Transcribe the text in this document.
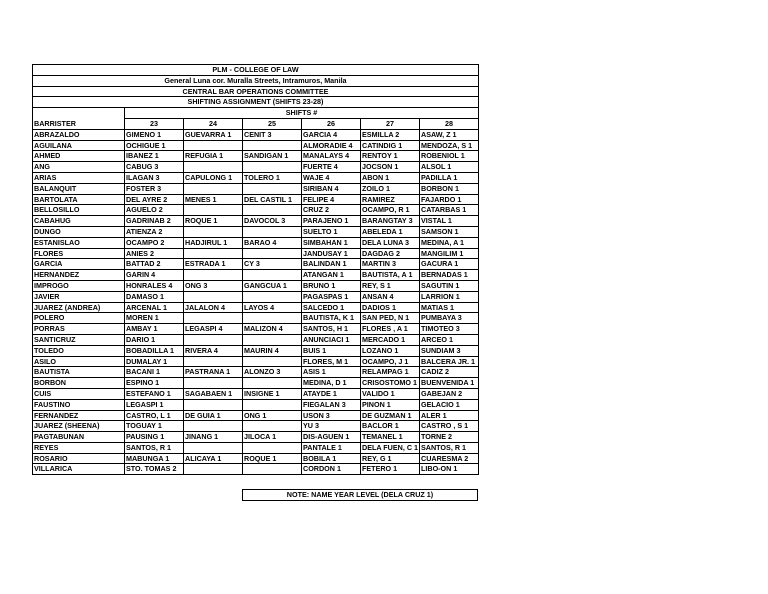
PLM - COLLEGE OF LAW						
General Luna cor. Muralla Streets, Intramuros, Manila						
CENTRAL BAR OPERATIONS COMMITTEE						
SHIFTING ASSIGNMENT (SHIFTS 23-28)						
	SHIFTS #					
BARRISTER	23	24	25	26	27	28
ABRAZALDO	GIMENO 1	GUEVARRA 1	CENIT 3	GARCIA 4	ESMILLA 2	ASAW, Z 1
AGUILANA	OCHIGUE 1			ALMORADIE 4	CATINDIG 1	MENDOZA, S 1
AHMED	IBANEZ 1	REFUGIA 1	SANDIGAN 1	MANALAYS 4	RENTOY 1	ROBENIOL 1
ANG	CABUG 3			FUERTE 4	JOCSON 1	ALSOL 1
ARIAS	ILAGAN 3	CAPULONG 1	TOLERO 1	WAJE 4	ABON 1	PADILLA 1
BALANQUIT	FOSTER 3			SIRIBAN 4	ZOILO 1	BORBON 1
BARTOLATA	DEL AYRE 2	MENES 1	DEL CASTIL 1	FELIPE 4	RAMIREZ	FAJARDO 1
BELLOSILLO	AGUELO 2			CRUZ 2	OCAMPO, R 1	CATARBAS 1
CABAHUG	GADRINAB 2	ROQUE 1	DAVOCOL 3	PARAJENO 1	BARANGTAY 3	VISTAL 1
DUNGO	ATIENZA 2			SUELTO 1	ABELEDA 1	SAMSON 1
ESTANISLAO	OCAMPO 2	HADJIRUL 1	BARAO 4	SIMBAHAN 1	DELA LUNA 3	MEDINA, A 1
FLORES	ANIES 2			JANDUSAY 1	DAGDAG 2	MANGILIM 1
GARCIA	BATTAD 2	ESTRADA 1	CY 3	BALINDAN 1	MARTIN 3	GACURA 1
HERNANDEZ	GARIN 4			ATANGAN 1	BAUTISTA, A 1	BERNADAS 1
IMPROGO	HONRALES 4	ONG 3	GANGCUA 1	BRUNO 1	REY, S 1	SAGUTIN 1
JAVIER	DAMASO 1			PAGASPAS 1	ANSAN 4	LARRION 1
JUAREZ (ANDREA)	ARCENAL 1	JALALON 4	LAYOS 4	SALCEDO 1	DADIOS 1	MATIAS 1
POLERO	MOREN 1			BAUTISTA, K 1	SAN PED, N 1	PUMBAYA 3
PORRAS	AMBAY 1	LEGASPI 4	MALIZON 4	SANTOS, H 1	FLORES , A 1	TIMOTEO 3
SANTICRUZ	DARIO 1			ANUNCIACI 1	MERCADO 1	ARCEO 1
TOLEDO	BOBADILLA 1	RIVERA 4	MAURIN 4	BUIS 1	LOZANO 1	SUNDIAM 3
ASILO	DUMALAY 1			FLORES, M 1	OCAMPO, J 1	BALCERA JR. 1
BAUTISTA	BACANI 1	PASTRANA 1	ALONZO 3	ASIS 1	RELAMPAG 1	CADIZ 2
BORBON	ESPINO 1			MEDINA, D 1	CRISOSTOMO 1	BUENVENIDA 1
CUIS	ESTEFANO 1	SAGABAEN 1	INSIGNE 1	ATAYDE 1	VALIDO 1	GABEJAN 2
FAUSTINO	LEGASPI 1			FIEGALAN 3	PINON 1	GELACIO 1
FERNANDEZ	CASTRO, L 1	DE GUIA 1	ONG 1	USON 3	DE GUZMAN 1	ALER 1
JUAREZ (SHEENA)	TOGUAY 1			YU 3	BACLOR 1	CASTRO , S 1
PAGTABUNAN	PAUSING 1	JINANG 1	JILOCA 1	DIS-AGUEN 1	TEMANEL 1	TORNE 2
REYES	SANTOS, R 1			PANTALE 1	DELA FUEN, C 1	SANTOS, R 1
ROSARIO	MABUNGA 1	ALICAYA 1	ROQUE 1	BOBILA 1	REY, G 1	CUARESMA 2
VILLARICA	STO. TOMAS 2			CORDON 1	FETERO 1	LIBO-ON 1
NOTE: NAME YEAR LEVEL (DELA CRUZ 1)
